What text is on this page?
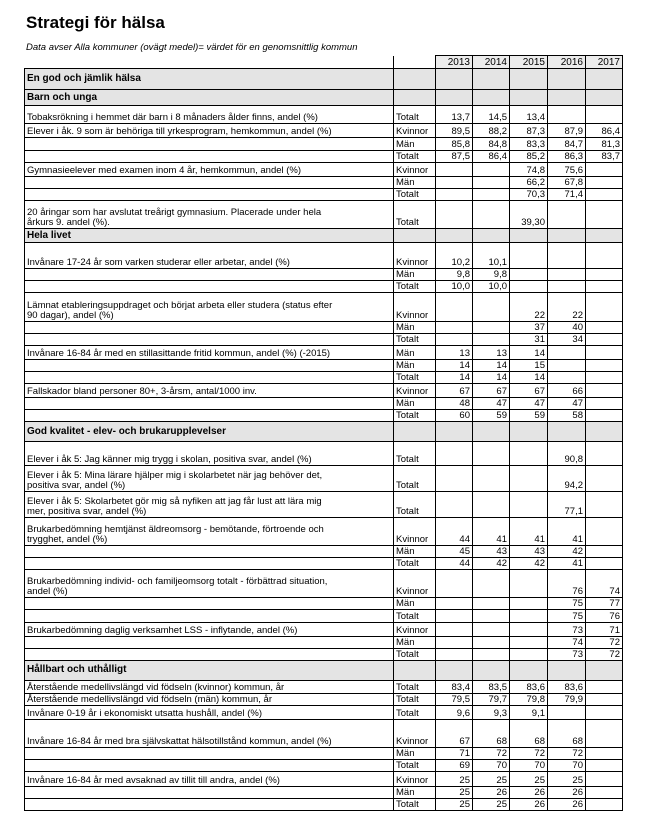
Strategi för hälsa
Data avser Alla kommuner (ovägt medel)= värdet för en genomsnittlig kommun
		2013	2014	2015	2016	2017
En god och jämlik hälsa						
Barn och unga						
Tobaksrökning i hemmet där barn i 8 månaders ålder finns, andel (%)	Totalt	13,7	14,5	13,4		
Elever i åk. 9 som är behöriga till yrkesprogram, hemkommun, andel (%)	Kvinnor	89,5	88,2	87,3	87,9	86,4
	Män	85,8	84,8	83,3	84,7	81,3
	Totalt	87,5	86,4	85,2	86,3	83,7
Gymnasieelever med examen inom 4 år, hemkommun, andel (%)	Kvinnor			74,8	75,6	
	Män			66,2	67,8	
	Totalt			70,3	71,4	
20 åringar som har avslutat treårigt gymnasium. Placerade under hela
årkurs 9. andel (%).	Totalt			39,30		
Hela livet						
Invånare 17-24 år som varken studerar eller arbetar, andel (%)	Kvinnor	10,2	10,1			
	Män	9,8	9,8			
	Totalt	10,0	10,0			
Lämnat etableringsuppdraget och börjat arbeta eller studera (status efter
90 dagar), andel (%)	Kvinnor			22	22	
	Män			37	40	
	Totalt			31	34	
Invånare 16-84 år med en stillasittande fritid kommun, andel (%) (-2015)	Män	13	13	14		
	Män	14	14	15		
	Totalt	14	14	14		
Fallskador bland personer 80+, 3-årsm, antal/1000 inv.	Kvinnor	67	67	67	66	
	Män	48	47	47	47	
	Totalt	60	59	59	58	
God kvalitet - elev- och brukarupplevelser						
Elever i åk 5: Jag känner mig trygg i skolan, positiva svar, andel (%)	Totalt				90,8	
Elever i åk 5: Mina lärare hjälper mig i skolarbetet när jag behöver det,
positiva svar, andel (%)	Totalt				94,2	
Elever i åk 5: Skolarbetet gör mig så nyfiken att jag får lust att lära mig
mer, positiva svar, andel (%)	Totalt				77,1	
Brukarbedömning hemtjänst äldreomsorg - bemötande, förtroende och
trygghet, andel (%)	Kvinnor	44	41	41	41	
	Män	45	43	43	42	
	Totalt	44	42	42	41	
Brukarbedömning individ- och familjeomsorg totalt - förbättrad situation,
andel (%)	Kvinnor				76	74
	Män				75	77
	Totalt				75	76
Brukarbedömning daglig verksamhet LSS - inflytande, andel (%)	Kvinnor				73	71
	Män				74	72
	Totalt				73	72
Hållbart och uthålligt						
Återstående medellivslängd vid födseln (kvinnor) kommun, år	Totalt	83,4	83,5	83,6	83,6	
Återstående medellivslängd vid födseln (män) kommun, år	Totalt	79,5	79,7	79,8	79,9	
Invånare 0-19 år i ekonomiskt utsatta hushåll, andel (%)	Totalt	9,6	9,3	9,1		
Invånare 16-84 år med bra självskattat hälsotillstånd kommun, andel (%)	Kvinnor	67	68	68	68	
	Män	71	72	72	72	
	Totalt	69	70	70	70	
Invånare 16-84 år med avsaknad av tillit till andra, andel (%)	Kvinnor	25	25	25	25	
	Män	25	26	26	26	
	Totalt	25	25	26	26	
